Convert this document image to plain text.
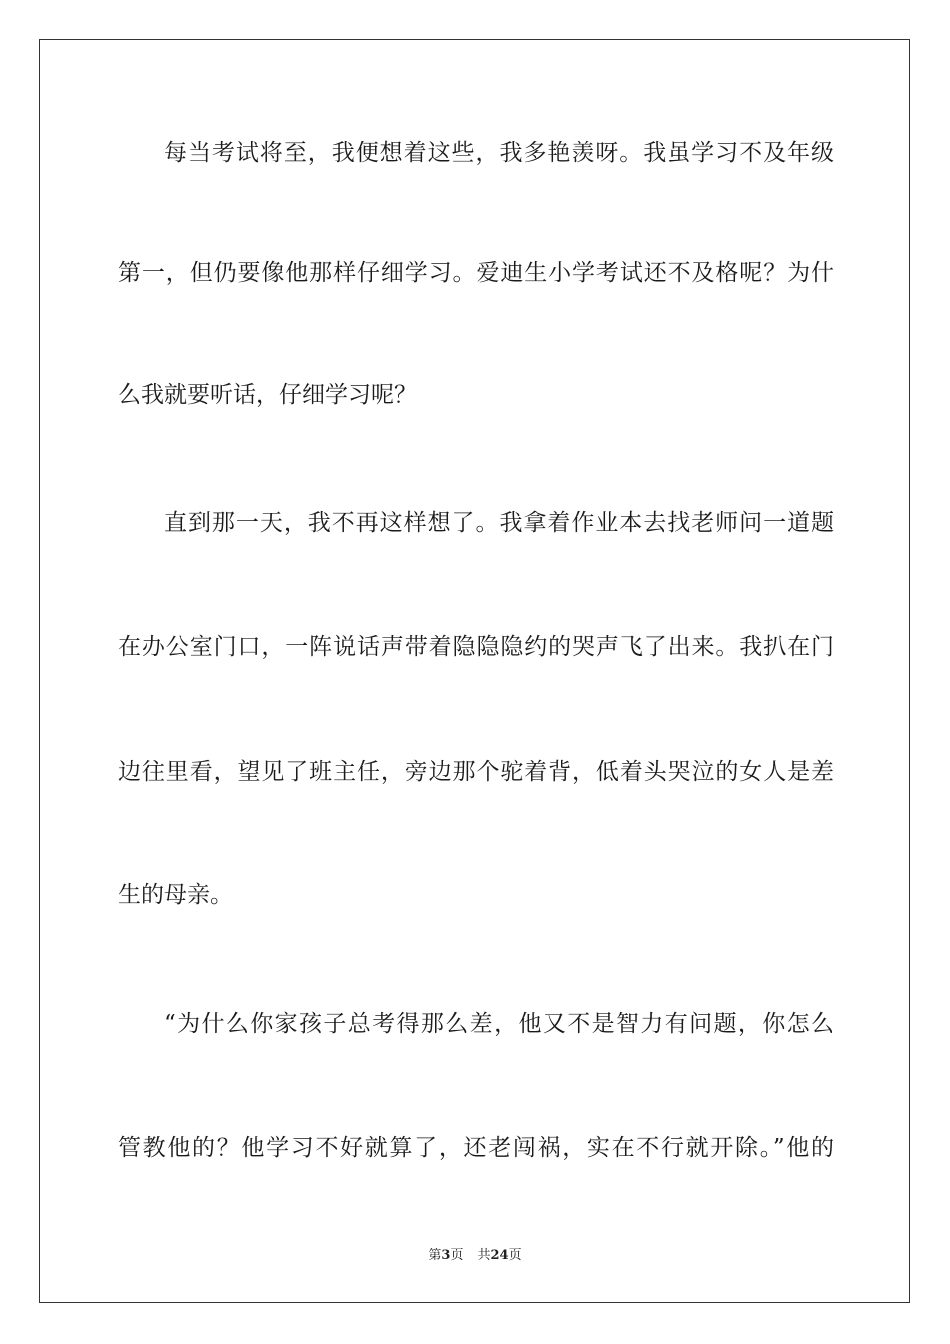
每当考试将至，我便想着这些，我多艳羡呀。我虽学习不及年级
第一，但仍要像他那样仔细学习。爱迪生小学考试还不及格呢？为什
么我就要听话，仔细学习呢？
直到那一天，我不再这样想了。我拿着作业本去找老师问一道题
在办公室门口，一阵说话声带着隐隐隐约的哭声飞了出来。我扒在门
边往里看，望见了班主任，旁边那个驼着背，低着头哭泣的女人是差
生的母亲。
“为什么你家孩子总考得那么差，他又不是智力有问题，你怎么
管教他的？他学习不好就算了，还老闯祸，实在不行就开除。”他的
第3页 共24页
